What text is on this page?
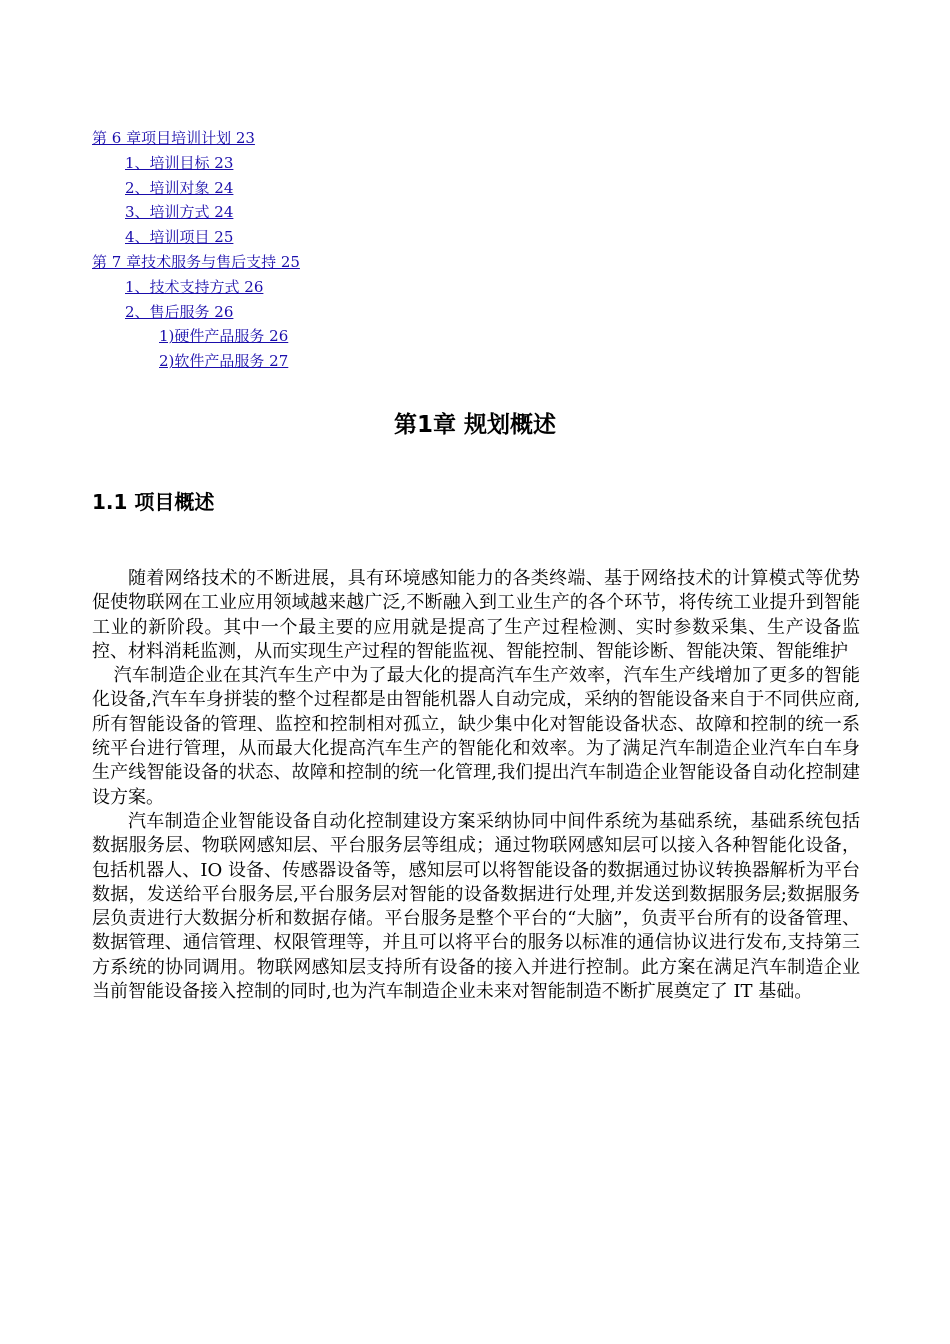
第 6 章项目培训计划 23
1、培训目标 23
2、培训对象 24
3、培训方式 24
4、培训项目 25
第 7 章技术服务与售后支持 25
1、技术支持方式 26
2、售后服务 26
1)硬件产品服务 26
2)软件产品服务 27
第1章 规划概述
1.1 项目概述

随着网络技术的不断进展，具有环境感知能力的各类终端、基于网络技术的计算模式等优势促使物联网在工业应用领域越来越广泛,不断融入到工业生产的各个环节，将传统工业提升到智能工业的新阶段。其中一个最主要的应用就是提高了生产过程检测、实时参数采集、生产设备监控、材料消耗监测，从而实现生产过程的智能监视、智能控制、智能诊断、智能决策、智能维护

汽车制造企业在其汽车生产中为了最大化的提高汽车生产效率，汽车生产线增加了更多的智能化设备,汽车车身拼装的整个过程都是由智能机器人自动完成，采纳的智能设备来自于不同供应商,所有智能设备的管理、监控和控制相对孤立，缺少集中化对智能设备状态、故障和控制的统一系统平台进行管理，从而最大化提高汽车生产的智能化和效率。为了满足汽车制造企业汽车白车身生产线智能设备的状态、故障和控制的统一化管理,我们提出汽车制造企业智能设备自动化控制建设方案。

汽车制造企业智能设备自动化控制建设方案采纳协同中间件系统为基础系统，基础系统包括数据服务层、物联网感知层、平台服务层等组成；通过物联网感知层可以接入各种智能化设备，包括机器人、IO 设备、传感器设备等，感知层可以将智能设备的数据通过协议转换器解析为平台数据，发送给平台服务层,平台服务层对智能的设备数据进行处理,并发送到数据服务层;数据服务层负责进行大数据分析和数据存储。平台服务是整个平台的“大脑”，负责平台所有的设备管理、数据管理、通信管理、权限管理等，并且可以将平台的服务以标准的通信协议进行发布,支持第三方系统的协同调用。物联网感知层支持所有设备的接入并进行控制。此方案在满足汽车制造企业当前智能设备接入控制的同时,也为汽车制造企业未来对智能制造不断扩展奠定了 IT 基础。
